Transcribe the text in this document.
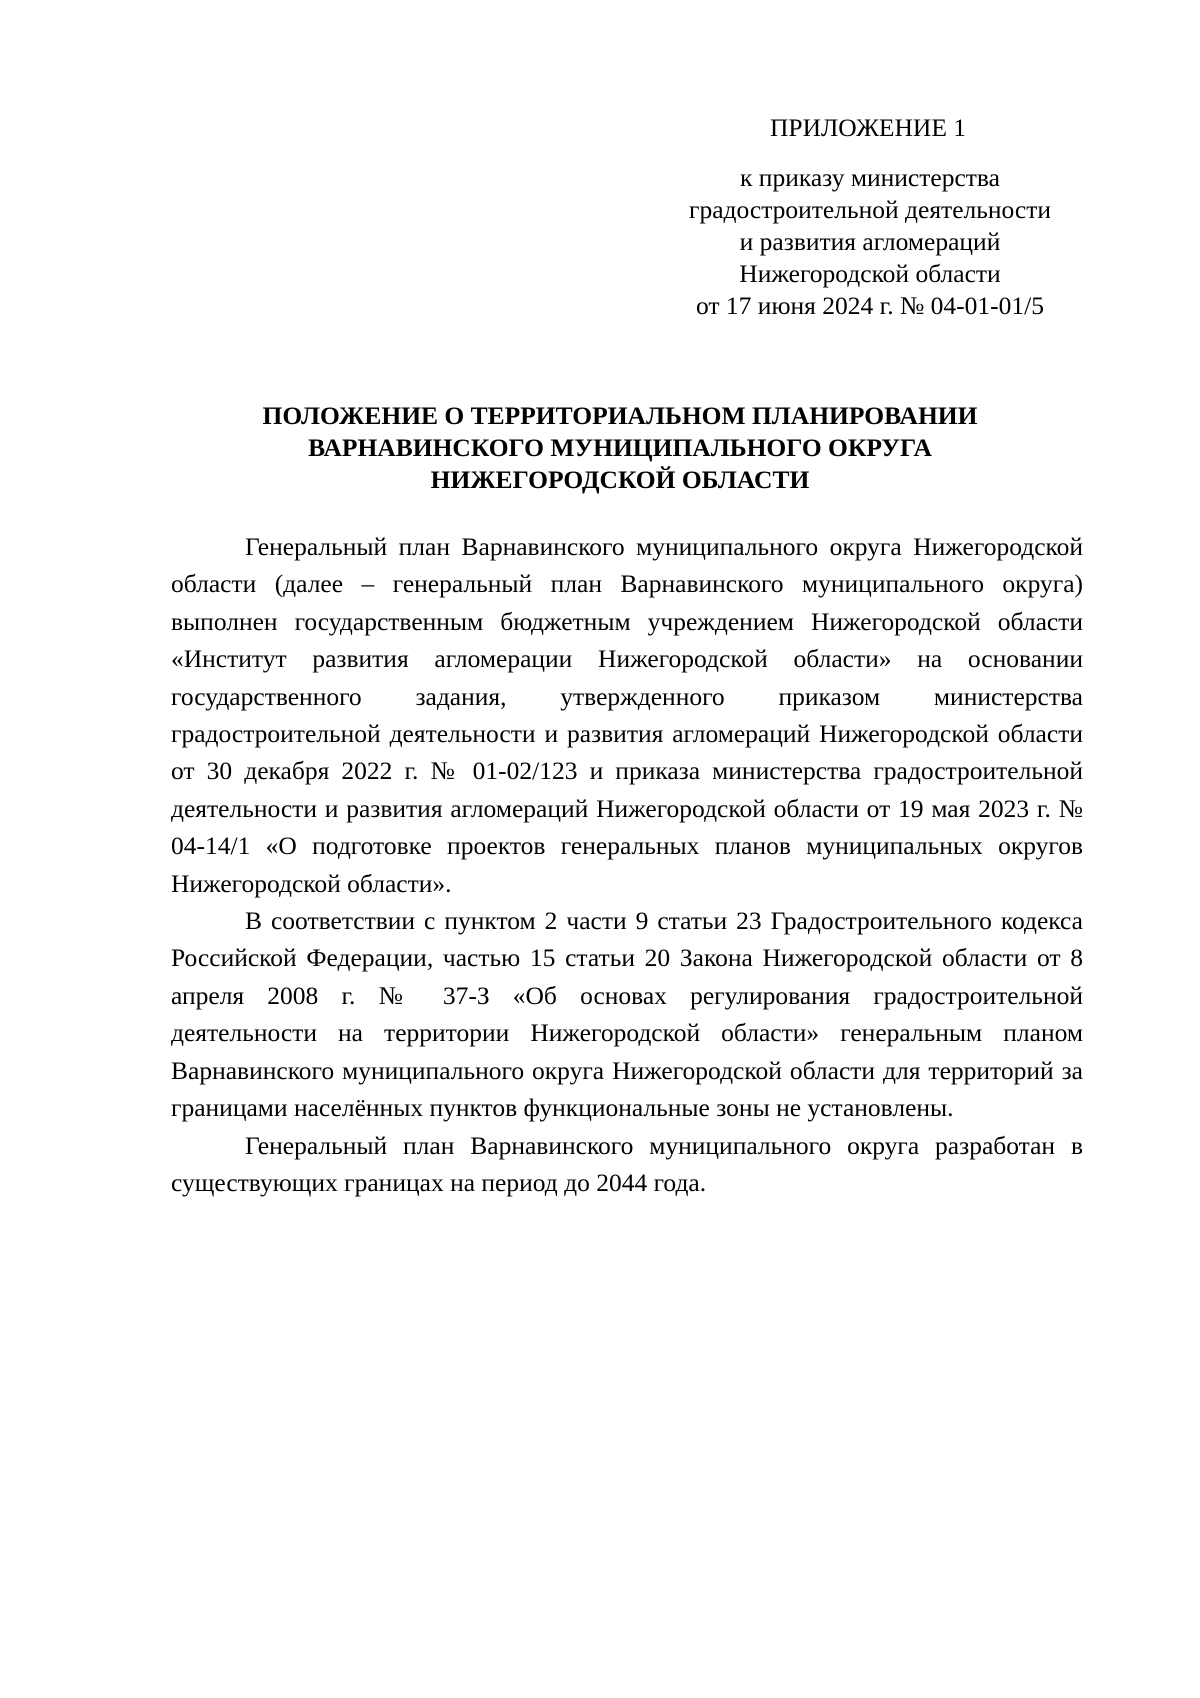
ПРИЛОЖЕНИЕ 1
к приказу министерства
градостроительной деятельности
и развития агломераций
Нижегородской области
от 17 июня 2024 г. № 04-01-01/5
ПОЛОЖЕНИЕ О ТЕРРИТОРИАЛЬНОМ ПЛАНИРОВАНИИ
ВАРНАВИНСКОГО МУНИЦИПАЛЬНОГО ОКРУГА
НИЖЕГОРОДСКОЙ ОБЛАСТИ

Генеральный план Варнавинского муниципального округа Нижегородской области (далее – генеральный план Варнавинского муниципального округа) выполнен государственным бюджетным учреждением Нижегородской области «Институт развития агломерации Нижегородской области» на основании государственного задания, утвержденного приказом министерства градостроительной деятельности и развития агломераций Нижегородской области от 30 декабря 2022 г. № 01-02/123 и приказа министерства градостроительной деятельности и развития агломераций Нижегородской области от 19 мая 2023 г. № 04-14/1 «О подготовке проектов генеральных планов муниципальных округов Нижегородской области».

В соответствии с пунктом 2 части 9 статьи 23 Градостроительного кодекса Российской Федерации, частью 15 статьи 20 Закона Нижегородской области от 8 апреля 2008 г. № 37-З «Об основах регулирования градостроительной деятельности на территории Нижегородской области» генеральным планом Варнавинского муниципального округа Нижегородской области для территорий за границами населённых пунктов функциональные зоны не установлены.

Генеральный план Варнавинского муниципального округа разработан в существующих границах на период до 2044 года.
